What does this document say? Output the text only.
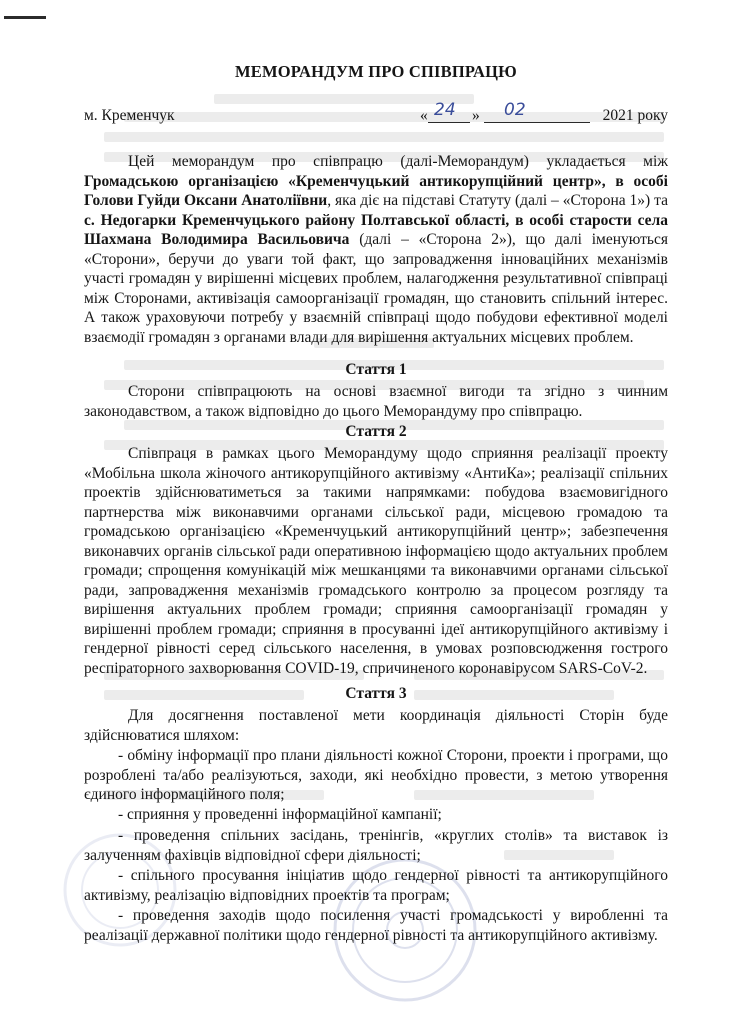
МЕМОРАНДУМ ПРО СПІВПРАЦЮ
м. Кременчук	« 24 » 02	2021 року

Цей меморандум про співпрацю (далі-Меморандум) укладається між Громадською організацією «Кременчуцький антикорупційний центр», в особі Голови Гуйди Оксани Анатоліївни, яка діє на підставі Статуту (далі – «Сторона 1») та с. Недогарки Кременчуцького району Полтавської області, в особі старости села Шахмана Володимира Васильовича (далі – «Сторона 2»), що далі іменуються «Сторони», беручи до уваги той факт, що запровадження інноваційних механізмів участі громадян у вирішенні місцевих проблем, налагодження результативної співпраці між Сторонами, активізація самоорганізації громадян, що становить спільний інтерес. А також ураховуючи потребу у взаємній співпраці щодо побудови ефективної моделі взаємодії громадян з органами влади для вирішення актуальних місцевих проблем.

Стаття 1

Сторони співпрацюють на основі взаємної вигоди та згідно з чинним законодавством, а також відповідно до цього Меморандуму про співпрацю.

Стаття 2

Співпраця в рамках цього Меморандуму щодо сприяння реалізації проекту «Мобільна школа жіночого антикорупційного активізму «АнтиКа»; реалізації спільних проектів здійснюватиметься за такими напрямками: побудова взаємовигідного партнерства між виконавчими органами сільської ради, місцевою громадою та громадською організацією «Кременчуцький антикорупційний центр»; забезпечення виконавчих органів сільської ради оперативною інформацією щодо актуальних проблем громади; спрощення комунікацій між мешканцями та виконавчими органами сільської ради, запровадження механізмів громадського контролю за процесом розгляду та вирішення актуальних проблем громади; сприяння самоорганізації громадян у вирішенні проблем громади; сприяння в просуванні ідеї антикорупційного активізму і гендерної рівності серед сільського населення, в умовах розповсюдження гострого респіраторного захворювання COVID-19, спричиненого коронавірусом SARS-CoV-2.

Стаття 3

Для досягнення поставленої мети координація діяльності Сторін буде здійснюватися шляхом:

- обміну інформації про плани діяльності кожної Сторони, проекти і програми, що розроблені та/або реалізуються, заходи, які необхідно провести, з метою утворення єдиного інформаційного поля;

- сприяння у проведенні інформаційної кампанії;

- проведення спільних засідань, тренінгів, «круглих столів» та виставок із залученням фахівців відповідної сфери діяльності;

- спільного просування ініціатив щодо гендерної рівності та антикорупційного активізму, реалізацію відповідних проектів та програм;

- проведення заходів щодо посилення участі громадськості у виробленні та реалізації державної політики щодо гендерної рівності та антикорупційного активізму.
